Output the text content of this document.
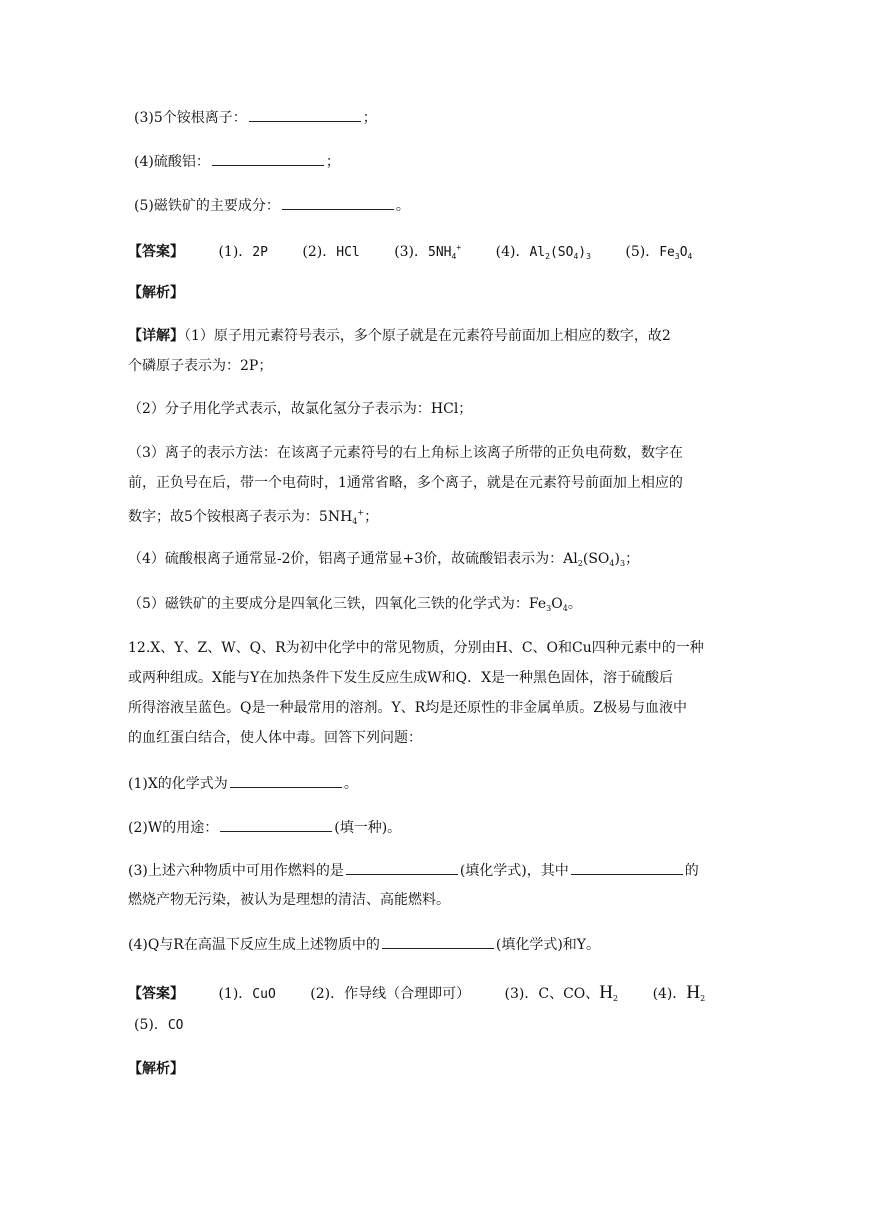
(3)5个铵根离子：	；
(4)硫酸铝：	；
(5)磁铁矿的主要成分：	。
【答案】 (1)．2P (2)．HCl (3)．$5NH_4^+$ (4)．$Al_2(SO_4)_3$ (5)．$Fe_3O_4$
【解析】
【详解】（1）原子用元素符号表示，多个原子就是在元素符号前面加上相应的数字，故2
个磷原子表示为：2P；
（2）分子用化学式表示，故氯化氢分子表示为：HCl；
（3）离子的表示方法：在该离子元素符号的右上角标上该离子所带的正负电荷数，数字在
前，正负号在后，带一个电荷时，1通常省略，多个离子，就是在元素符号前面加上相应的
数字；故5个铵根离子表示为：$5NH_4^+$；
（4）硫酸根离子通常显-2价，铝离子通常显+3价，故硫酸铝表示为：$Al_2(SO_4)_3$；
（5）磁铁矿的主要成分是四氧化三铁，四氧化三铁的化学式为：$Fe_3O_4$。
12.X、Y、Z、W、Q、R为初中化学中的常见物质，分别由H、C、O和Cu四种元素中的一种
或两种组成。X能与Y在加热条件下发生反应生成W和Q．X是一种黑色固体，溶于硫酸后
所得溶液呈蓝色。Q是一种最常用的溶剂。Y、R均是还原性的非金属单质。Z极易与血液中
的血红蛋白结合，使人体中毒。回答下列问题：
(1)X的化学式为	。
(2)W的用途：	(填一种)。
(3)上述六种物质中可用作燃料的是	(填化学式)，其中	的
燃烧产物无污染，被认为是理想的清洁、高能燃料。
(4)Q与R在高温下反应生成上述物质中的	(填化学式)和Y。
【答案】 (1)．CuO (2)．作导线（合理即可） (3)．C、CO、$H_2$ (4)．$H_2$
(5)．CO
【解析】
